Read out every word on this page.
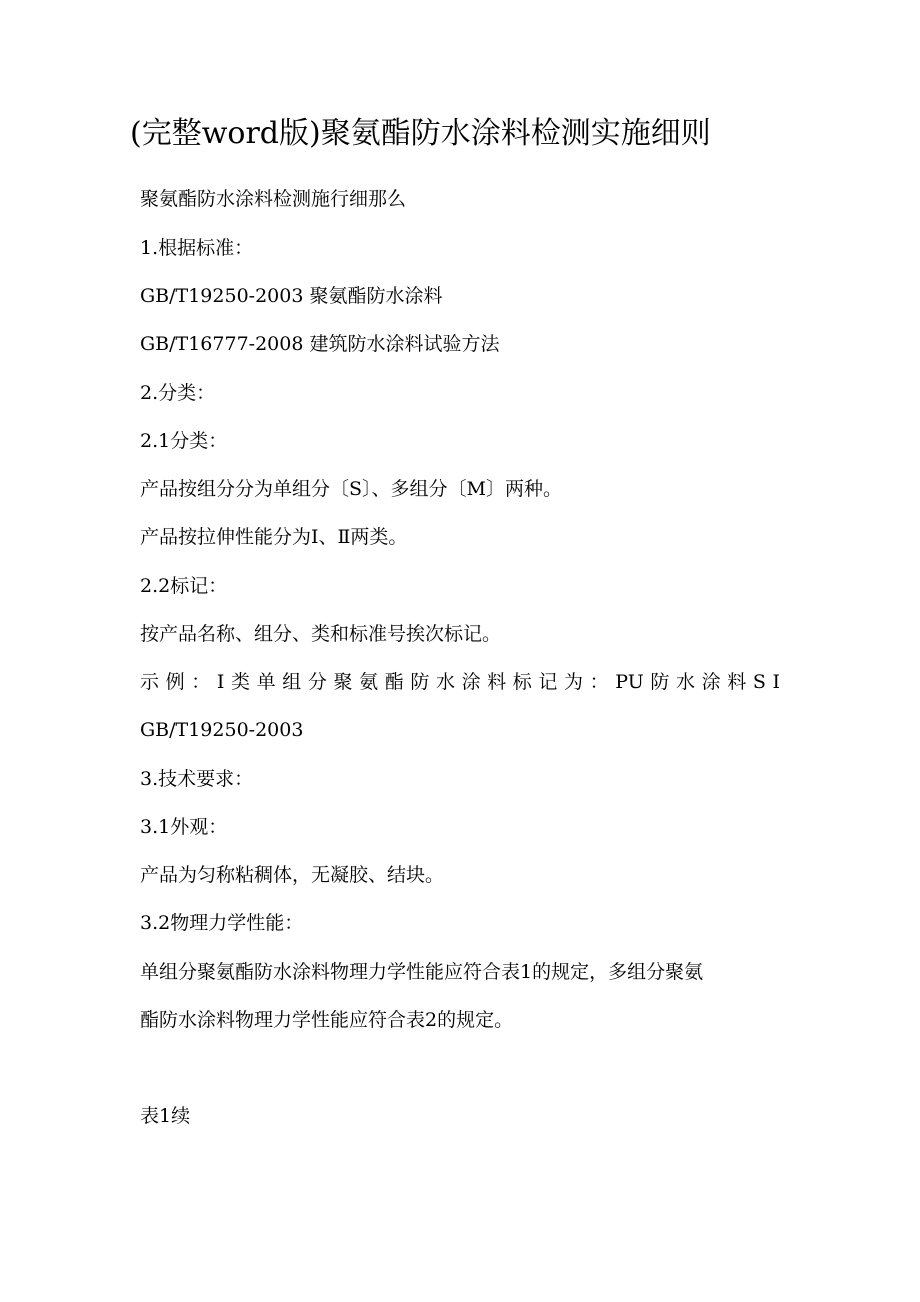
(完整word版)聚氨酯防水涂料检测实施细则
聚氨酯防水涂料检测施行细那么
1.根据标准：
GB/T19250-2003 聚氨酯防水涂料
GB/T16777-2008 建筑防水涂料试验方法
2.分类：
2.1分类：
产品按组分分为单组分〔S〕、多组分〔M〕两种。
产品按拉伸性能分为Ⅰ、Ⅱ两类。
2.2标记：
按产品名称、组分、类和标准号挨次标记。
示例：Ⅰ类单组分聚氨酯防水涂料标记为：PU防水涂料SⅠ
GB/T19250-2003
3.技术要求：
3.1外观：
产品为匀称粘稠体，无凝胶、结块。
3.2物理力学性能：
单组分聚氨酯防水涂料物理力学性能应符合表1的规定，多组分聚氨
酯防水涂料物理力学性能应符合表2的规定。
表1续
